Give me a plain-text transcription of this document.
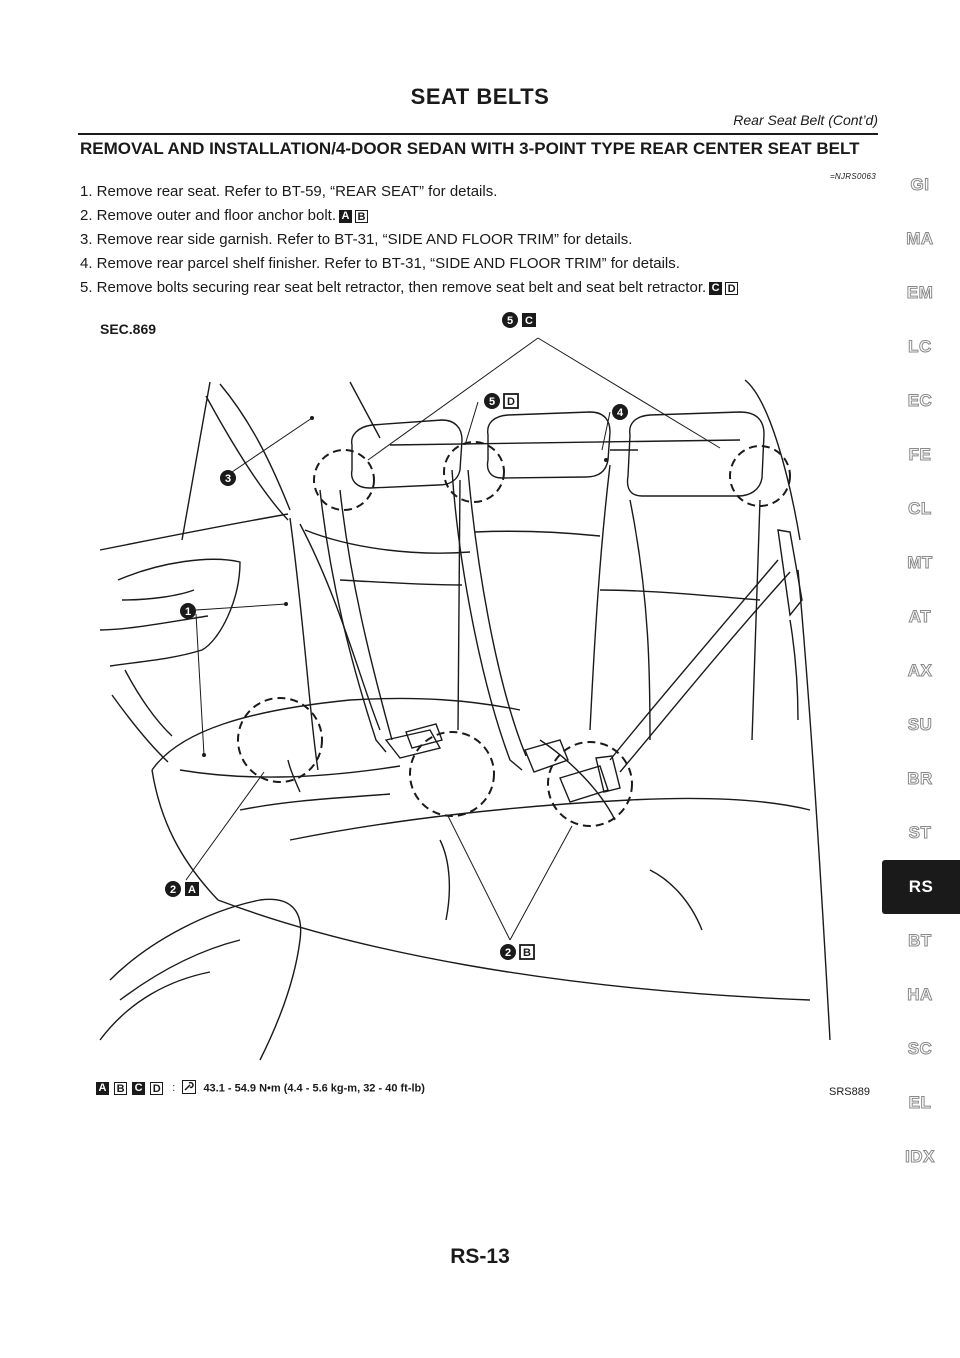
SEAT BELTS
Rear Seat Belt (Cont’d)
REMOVAL AND INSTALLATION/4-DOOR SEDAN WITH 3-POINT TYPE REAR CENTER SEAT BELT
=NJRS0063
1. Remove rear seat. Refer to BT-59, “REAR SEAT” for details.
2. Remove outer and floor anchor bolt. A B
3. Remove rear side garnish. Refer to BT-31, “SIDE AND FLOOR TRIM” for details.
4. Remove rear parcel shelf finisher. Refer to BT-31, “SIDE AND FLOOR TRIM” for details.
5. Remove bolts securing rear seat belt retractor, then remove seat belt and seat belt retractor. C D
SEC.869	5 C
5 D
4
3
1
2 A
2 B
A B C D :	43.1 - 54.9 N•m (4.4 - 5.6 kg-m, 32 - 40 ft-lb)	SRS889
RS-13
GI
MA
EM
LC
EC
FE
CL
MT
AT
AX
SU
BR
ST
RS
BT
HA
SC
EL
IDX
